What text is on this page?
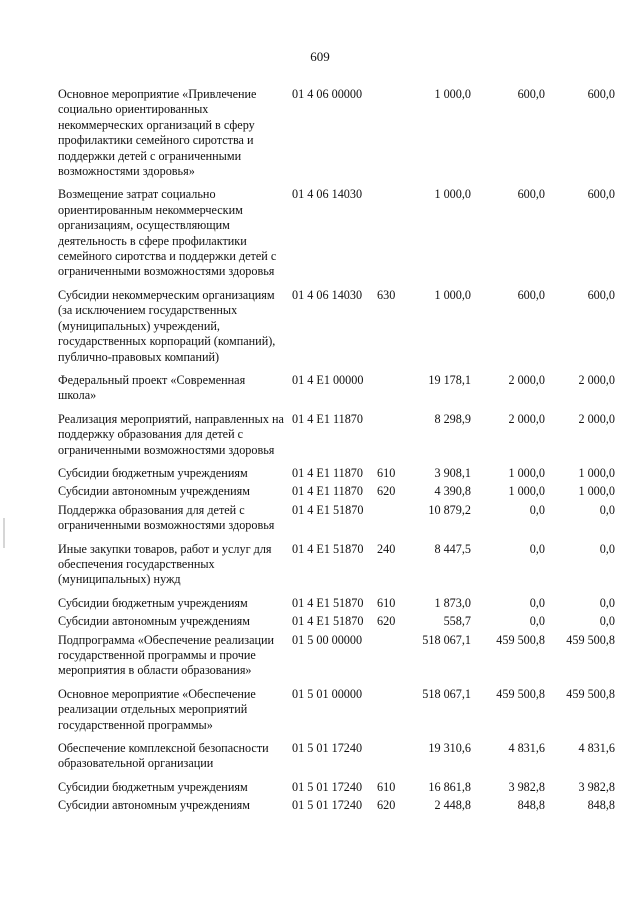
609
Основное мероприятие «Привлечение социально ориентированных некоммерческих организаций в сферу профилактики семейного сиротства и поддержки детей с ограниченными возможностями здоровья»
01 4 06 00000	1 000,0	600,0	600,0
Возмещение затрат социально ориентированным некоммерческим организациям, осуществляющим деятельность в сфере профилактики семейного сиротства и поддержки детей с ограниченными возможностями здоровья
01 4 06 14030	1 000,0	600,0	600,0
Субсидии некоммерческим организациям (за исключением государственных (муниципальных) учреждений, государственных корпораций (компаний), публично-правовых компаний)
01 4 06 14030 630	1 000,0	600,0	600,0
Федеральный проект «Современная школа»
01 4 E1 00000	19 178,1	2 000,0	2 000,0
Реализация мероприятий, направленных на поддержку образования для детей с ограниченными возможностями здоровья
01 4 E1 11870	8 298,9	2 000,0	2 000,0
Субсидии бюджетным учреждениям	01 4 E1 11870 610	3 908,1	1 000,0	1 000,0
Субсидии автономным учреждениям	01 4 E1 11870 620	4 390,8	1 000,0	1 000,0
Поддержка образования для детей с ограниченными возможностями здоровья
01 4 E1 51870	10 879,2	0,0	0,0
Иные закупки товаров, работ и услуг для обеспечения государственных (муниципальных) нужд
01 4 E1 51870 240	8 447,5	0,0	0,0
Субсидии бюджетным учреждениям	01 4 E1 51870 610	1 873,0	0,0	0,0
Субсидии автономным учреждениям	01 4 E1 51870 620	558,7	0,0	0,0
Подпрограмма «Обеспечение реализации государственной программы и прочие мероприятия в области образования»
01 5 00 00000	518 067,1	459 500,8	459 500,8
Основное мероприятие «Обеспечение реализации отдельных мероприятий государственной программы»
01 5 01 00000	518 067,1	459 500,8	459 500,8
Обеспечение комплексной безопасности образовательной организации
01 5 01 17240	19 310,6	4 831,6	4 831,6
Субсидии бюджетным учреждениям	01 5 01 17240 610	16 861,8	3 982,8	3 982,8
Субсидии автономным учреждениям	01 5 01 17240 620	2 448,8	848,8	848,8
